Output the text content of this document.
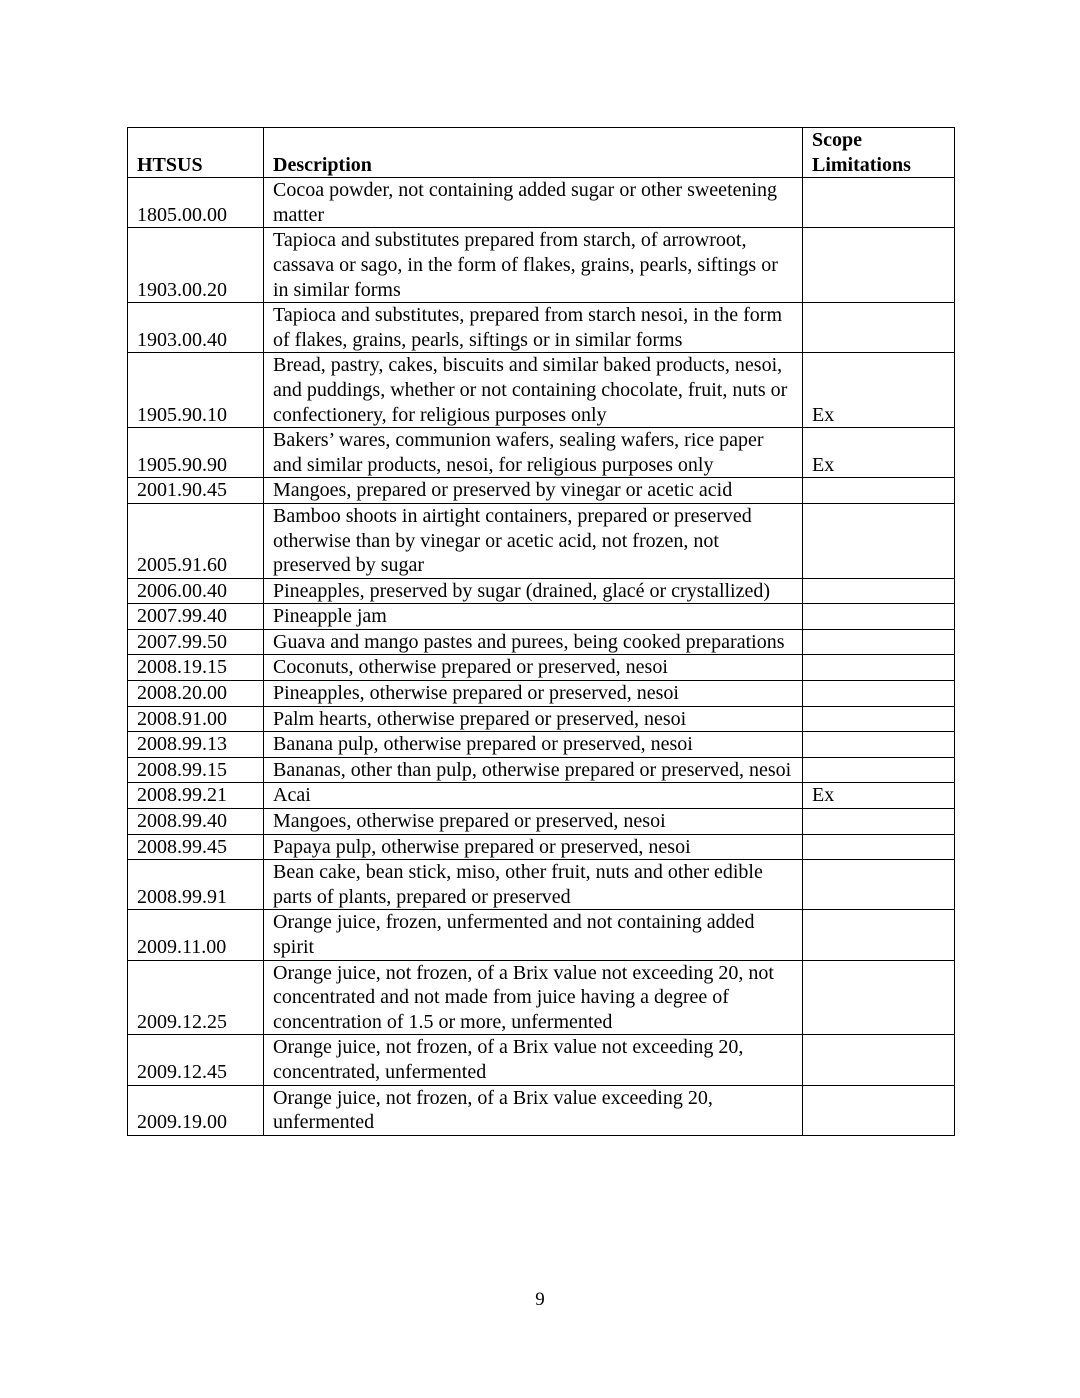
HTSUS	Description	Scope
Limitations
1805.00.00	Cocoa powder, not containing added sugar or other sweetening matter	
1903.00.20	Tapioca and substitutes prepared from starch, of arrowroot, cassava or sago, in the form of flakes, grains, pearls, siftings or in similar forms	
1903.00.40	Tapioca and substitutes, prepared from starch nesoi, in the form of flakes, grains, pearls, siftings or in similar forms	
1905.90.10	Bread, pastry, cakes, biscuits and similar baked products, nesoi, and puddings, whether or not containing chocolate, fruit, nuts or confectionery, for religious purposes only	Ex
1905.90.90	Bakers’ wares, communion wafers, sealing wafers, rice paper and similar products, nesoi, for religious purposes only	Ex
2001.90.45	Mangoes, prepared or preserved by vinegar or acetic acid	
2005.91.60	Bamboo shoots in airtight containers, prepared or preserved otherwise than by vinegar or acetic acid, not frozen, not preserved by sugar	
2006.00.40	Pineapples, preserved by sugar (drained, glacé or crystallized)	
2007.99.40	Pineapple jam	
2007.99.50	Guava and mango pastes and purees, being cooked preparations	
2008.19.15	Coconuts, otherwise prepared or preserved, nesoi	
2008.20.00	Pineapples, otherwise prepared or preserved, nesoi	
2008.91.00	Palm hearts, otherwise prepared or preserved, nesoi	
2008.99.13	Banana pulp, otherwise prepared or preserved, nesoi	
2008.99.15	Bananas, other than pulp, otherwise prepared or preserved, nesoi	
2008.99.21	Acai	Ex
2008.99.40	Mangoes, otherwise prepared or preserved, nesoi	
2008.99.45	Papaya pulp, otherwise prepared or preserved, nesoi	
2008.99.91	Bean cake, bean stick, miso, other fruit, nuts and other edible parts of plants, prepared or preserved	
2009.11.00	Orange juice, frozen, unfermented and not containing added spirit	
2009.12.25	Orange juice, not frozen, of a Brix value not exceeding 20, not concentrated and not made from juice having a degree of concentration of 1.5 or more, unfermented	
2009.12.45	Orange juice, not frozen, of a Brix value not exceeding 20, concentrated, unfermented	
2009.19.00	Orange juice, not frozen, of a Brix value exceeding 20, unfermented	
9
